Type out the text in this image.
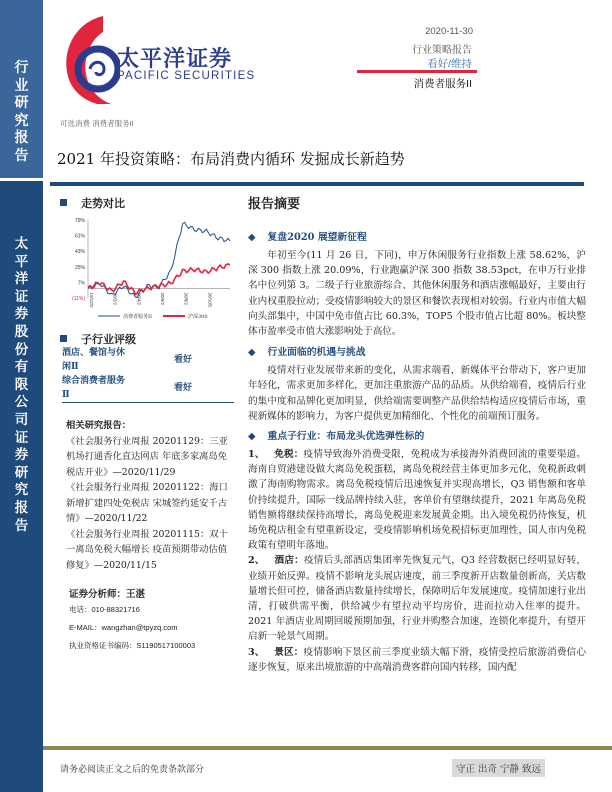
行业研究报告
太平洋证券股份有限公司证券研究报告
太平洋证券
PACIFIC SECURITIES
2020-11-30
行业策略报告
看好/维持
消费者服务II
可选消费 消费者服务II
2021 年投资策略：布局消费内循环 发掘成长新趋势
走势对比
79%
61%
43%
25%
7%
(11%) 19/12/2	20/2/2	20/4/2	20/6/2	20/8/2	20/10/2
消费者服务II	沪深300
子行业评级
酒店、餐馆与休闲Ⅱ
看好
综合消费者服务Ⅱ
看好
相关研究报告：
《社会服务行业周报 20201129：三亚机场打通香化直达网店 年底多家离岛免税店开业》—2020/11/29
《社会服务行业周报 20201122：海口新增扩建四处免税店 宋城签约延安千古情》—2020/11/22
《社会服务行业周报 20201115：双十一离岛免税大幅增长 疫苗预期带动估值修复》—2020/11/15
证券分析师：王湛
电话：010-88321716
E-MAIL：wangzhan@tpyzq.com
执业资格证书编码：S1190517100003
报告摘要
◆ 复盘2020 展望新征程

年初至今(11 月 26 日，下同)，申万休闲服务行业指数上涨 58.62%，沪深 300 指数上涨 20.09%，行业跑赢沪深 300 指数 38.53pct，在申万行业排名中位列第 3。二级子行业旅游综合、其他休闲服务和酒店涨幅最好，主要由行业内权重股拉动；受疫情影响较大的景区和餐饮表现相对较弱。行业内市值大幅向头部集中，中国中免市值占比 60.3%，TOP5 个股市值占比超 80%。板块整体市盈率受市值大涨影响处于高位。

◆ 行业面临的机遇与挑战

疫情对行业发展带来新的变化，从需求端看，新媒体平台带动下，客户更加年轻化，需求更加多样化，更加注重旅游产品的品质。从供给端看，疫情后行业的集中度和品牌化更加明显，供给端需要调整产品供给结构适应疫情后市场，重视新媒体的影响力，为客户提供更加精细化、个性化的前端预订服务。

◆ 重点子行业：布局龙头优选弹性标的

1、 免税：疫情导致海外消费受限，免税成为承接海外消费回流的重要渠道。海南自贸港建设做大离岛免税蛋糕，离岛免税经营主体更加多元化，免税新政刺激了海南购物需求。离岛免税疫情后迅速恢复并实现高增长，Q3 销售额和客单价持续提升，国际一线品牌持续入驻，客单价有望继续提升，2021 年离岛免税销售额将继续保持高增长，离岛免税迎来发展黄金期。出入境免税仍待恢复，机场免税店租金有望重新设定，受疫情影响机场免税招标更加理性，国人市内免税政策有望明年落地。

2、 酒店：疫情后头部酒店集团率先恢复元气，Q3 经营数据已经明显好转，业绩开始反弹。疫情不影响龙头展店速度，前三季度新开店数量创新高，关店数量增长但可控，储备酒店数量持续增长，保障明后年发展速度。疫情加速行业出清，打破供需平衡，供给减少有望拉动平均房价，进而拉动入住率的提升。2021 年酒店业周期回暖预期加强，行业并购整合加速，连锁化率提升，有望开启新一轮景气周期。

3、 景区：疫情影响下景区前三季度业绩大幅下滑，疫情受控后旅游消费信心逐步恢复，原来出境旅游的中高端消费客群向国内转移，国内配

请务必阅读正文之后的免责条款部分	守正 出奇 宁静 致远
